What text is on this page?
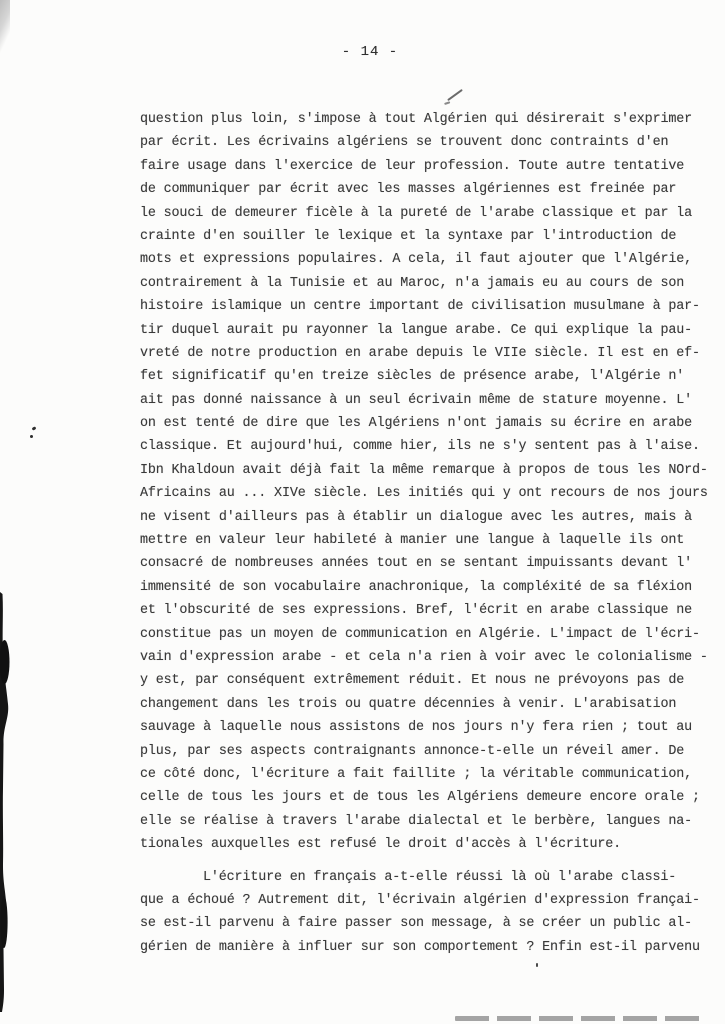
- 14 -
question plus loin, s'impose à tout Algérien qui désirerait s'exprimer
par écrit. Les écrivains algériens se trouvent donc contraints d'en
faire usage dans l'exercice de leur profession. Toute autre tentative
de communiquer par écrit avec les masses algériennes est freinée par
le souci de demeurer ficèle à la pureté de l'arabe classique et par la
crainte d'en souiller le lexique et la syntaxe par l'introduction de
mots et expressions populaires. A cela, il faut ajouter que l'Algérie,
contrairement à la Tunisie et au Maroc, n'a jamais eu au cours de son
histoire islamique un centre important de civilisation musulmane à par-
tir duquel aurait pu rayonner la langue arabe. Ce qui explique la pau-
vreté de notre production en arabe depuis le VIIe siècle. Il est en ef-
fet significatif qu'en treize siècles de présence arabe, l'Algérie n'
ait pas donné naissance à un seul écrivain même de stature moyenne. L'
on est tenté de dire que les Algériens n'ont jamais su écrire en arabe
classique. Et aujourd'hui, comme hier, ils ne s'y sentent pas à l'aise.
Ibn Khaldoun avait déjà fait la même remarque à propos de tous les NOrd-
Africains au ... XIVe siècle. Les initiés qui y ont recours de nos jours
ne visent d'ailleurs pas à établir un dialogue avec les autres, mais à
mettre en valeur leur habileté à manier une langue à laquelle ils ont
consacré de nombreuses années tout en se sentant impuissants devant l'
immensité de son vocabulaire anachronique, la compléxité de sa fléxion
et l'obscurité de ses expressions. Bref, l'écrit en arabe classique ne
constitue pas un moyen de communication en Algérie. L'impact de l'écri-
vain d'expression arabe - et cela n'a rien à voir avec le colonialisme -
y est, par conséquent extrêmement réduit. Et nous ne prévoyons pas de
changement dans les trois ou quatre décennies à venir. L'arabisation
sauvage à laquelle nous assistons de nos jours n'y fera rien ; tout au
plus, par ses aspects contraignants annonce-t-elle un réveil amer. De
ce côté donc, l'écriture a fait faillite ; la véritable communication,
celle de tous les jours et de tous les Algériens demeure encore orale ;
elle se réalise à travers l'arabe dialectal et le berbère, langues na-
tionales auxquelles est refusé le droit d'accès à l'écriture.
L'écriture en français a-t-elle réussi là où l'arabe classi-
que a échoué ? Autrement dit, l'écrivain algérien d'expression françai-
se est-il parvenu à faire passer son message, à se créer un public al-
gérien de manière à influer sur son comportement ? Enfin est-il parvenu
